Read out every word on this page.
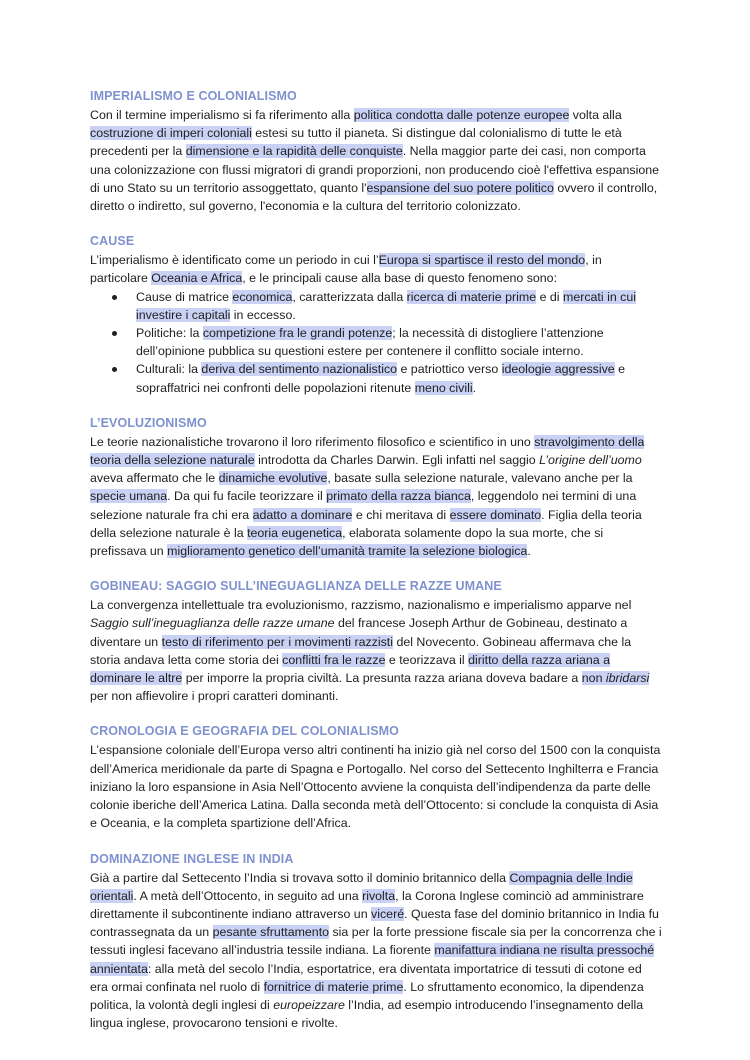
IMPERIALISMO E COLONIALISMO

Con il termine imperialismo si fa riferimento alla politica condotta dalle potenze europee volta alla costruzione di imperi coloniali estesi su tutto il pianeta. Si distingue dal colonialismo di tutte le età precedenti per la dimensione e la rapidità delle conquiste. Nella maggior parte dei casi, non comporta una colonizzazione con flussi migratori di grandi proporzioni, non producendo cioè l'effettiva espansione di uno Stato su un territorio assoggettato, quanto l'espansione del suo potere politico ovvero il controllo, diretto o indiretto, sul governo, l'economia e la cultura del territorio colonizzato.

CAUSE

L’imperialismo è identificato come un periodo in cui l’Europa si spartisce il resto del mondo, in particolare Oceania e Africa, e le principali cause alla base di questo fenomeno sono:

Cause di matrice economica, caratterizzata dalla ricerca di materie prime e di mercati in cui investire i capitali in eccesso.
Politiche: la competizione fra le grandi potenze; la necessità di distogliere l’attenzione dell’opinione pubblica su questioni estere per contenere il conflitto sociale interno.
Culturali: la deriva del sentimento nazionalistico e patriottico verso ideologie aggressive e sopraffatrici nei confronti delle popolazioni ritenute meno civili.
L’EVOLUZIONISMO

Le teorie nazionalistiche trovarono il loro riferimento filosofico e scientifico in uno stravolgimento della teoria della selezione naturale introdotta da Charles Darwin. Egli infatti nel saggio L’origine dell’uomo aveva affermato che le dinamiche evolutive, basate sulla selezione naturale, valevano anche per la specie umana. Da qui fu facile teorizzare il primato della razza bianca, leggendolo nei termini di una selezione naturale fra chi era adatto a dominare e chi meritava di essere dominato. Figlia della teoria della selezione naturale è la teoria eugenetica, elaborata solamente dopo la sua morte, che si prefissava un miglioramento genetico dell’umanità tramite la selezione biologica.

GOBINEAU: SAGGIO SULL’INEGUAGLIANZA DELLE RAZZE UMANE

La convergenza intellettuale tra evoluzionismo, razzismo, nazionalismo e imperialismo apparve nel Saggio sull’ineguaglianza delle razze umane del francese Joseph Arthur de Gobineau, destinato a diventare un testo di riferimento per i movimenti razzisti del Novecento. Gobineau affermava che la storia andava letta come storia dei conflitti fra le razze e teorizzava il diritto della razza ariana a dominare le altre per imporre la propria civiltà. La presunta razza ariana doveva badare a non ibridarsi per non affievolire i propri caratteri dominanti.

CRONOLOGIA E GEOGRAFIA DEL COLONIALISMO

L’espansione coloniale dell’Europa verso altri continenti ha inizio già nel corso del 1500 con la conquista dell’America meridionale da parte di Spagna e Portogallo. Nel corso del Settecento Inghilterra e Francia iniziano la loro espansione in Asia Nell’Ottocento avviene la conquista dell’indipendenza da parte delle colonie iberiche dell’America Latina. Dalla seconda metà dell’Ottocento: si conclude la conquista di Asia e Oceania, e la completa spartizione dell’Africa.

DOMINAZIONE INGLESE IN INDIA

Già a partire dal Settecento l’India si trovava sotto il dominio britannico della Compagnia delle Indie orientali. A metà dell’Ottocento, in seguito ad una rivolta, la Corona Inglese cominciò ad amministrare direttamente il subcontinente indiano attraverso un viceré. Questa fase del dominio britannico in India fu contrassegnata da un pesante sfruttamento sia per la forte pressione fiscale sia per la concorrenza che i tessuti inglesi facevano all’industria tessile indiana. La fiorente manifattura indiana ne risulta pressoché annientata: alla metà del secolo l’India, esportatrice, era diventata importatrice di tessuti di cotone ed era ormai confinata nel ruolo di fornitrice di materie prime. Lo sfruttamento economico, la dipendenza politica, la volontà degli inglesi di europeizzare l’India, ad esempio introducendo l’insegnamento della lingua inglese, provocarono tensioni e rivolte.
